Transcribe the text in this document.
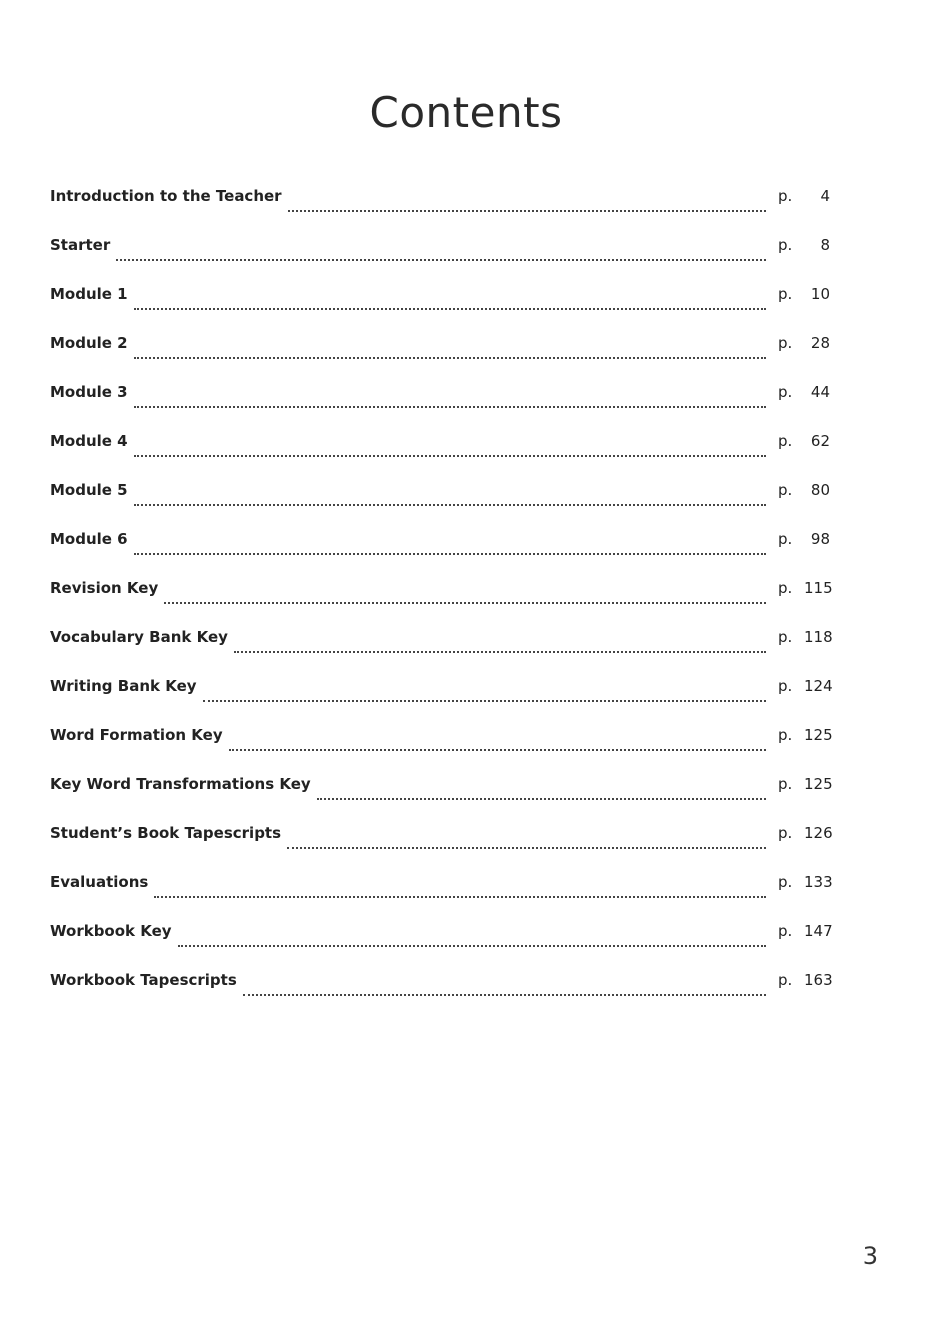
Contents
Introduction to the Teacher	p.	4
Starter	p.	8
Module 1	p.	10
Module 2	p.	28
Module 3	p.	44
Module 4	p.	62
Module 5	p.	80
Module 6	p.	98
Revision Key	p. 115
Vocabulary Bank Key	p. 118
Writing Bank Key	p. 124
Word Formation Key	p. 125
Key Word Transformations Key	p. 125
Student’s Book Tapescripts	p. 126
Evaluations	p. 133
Workbook Key	p. 147
Workbook Tapescripts	p. 163
3
